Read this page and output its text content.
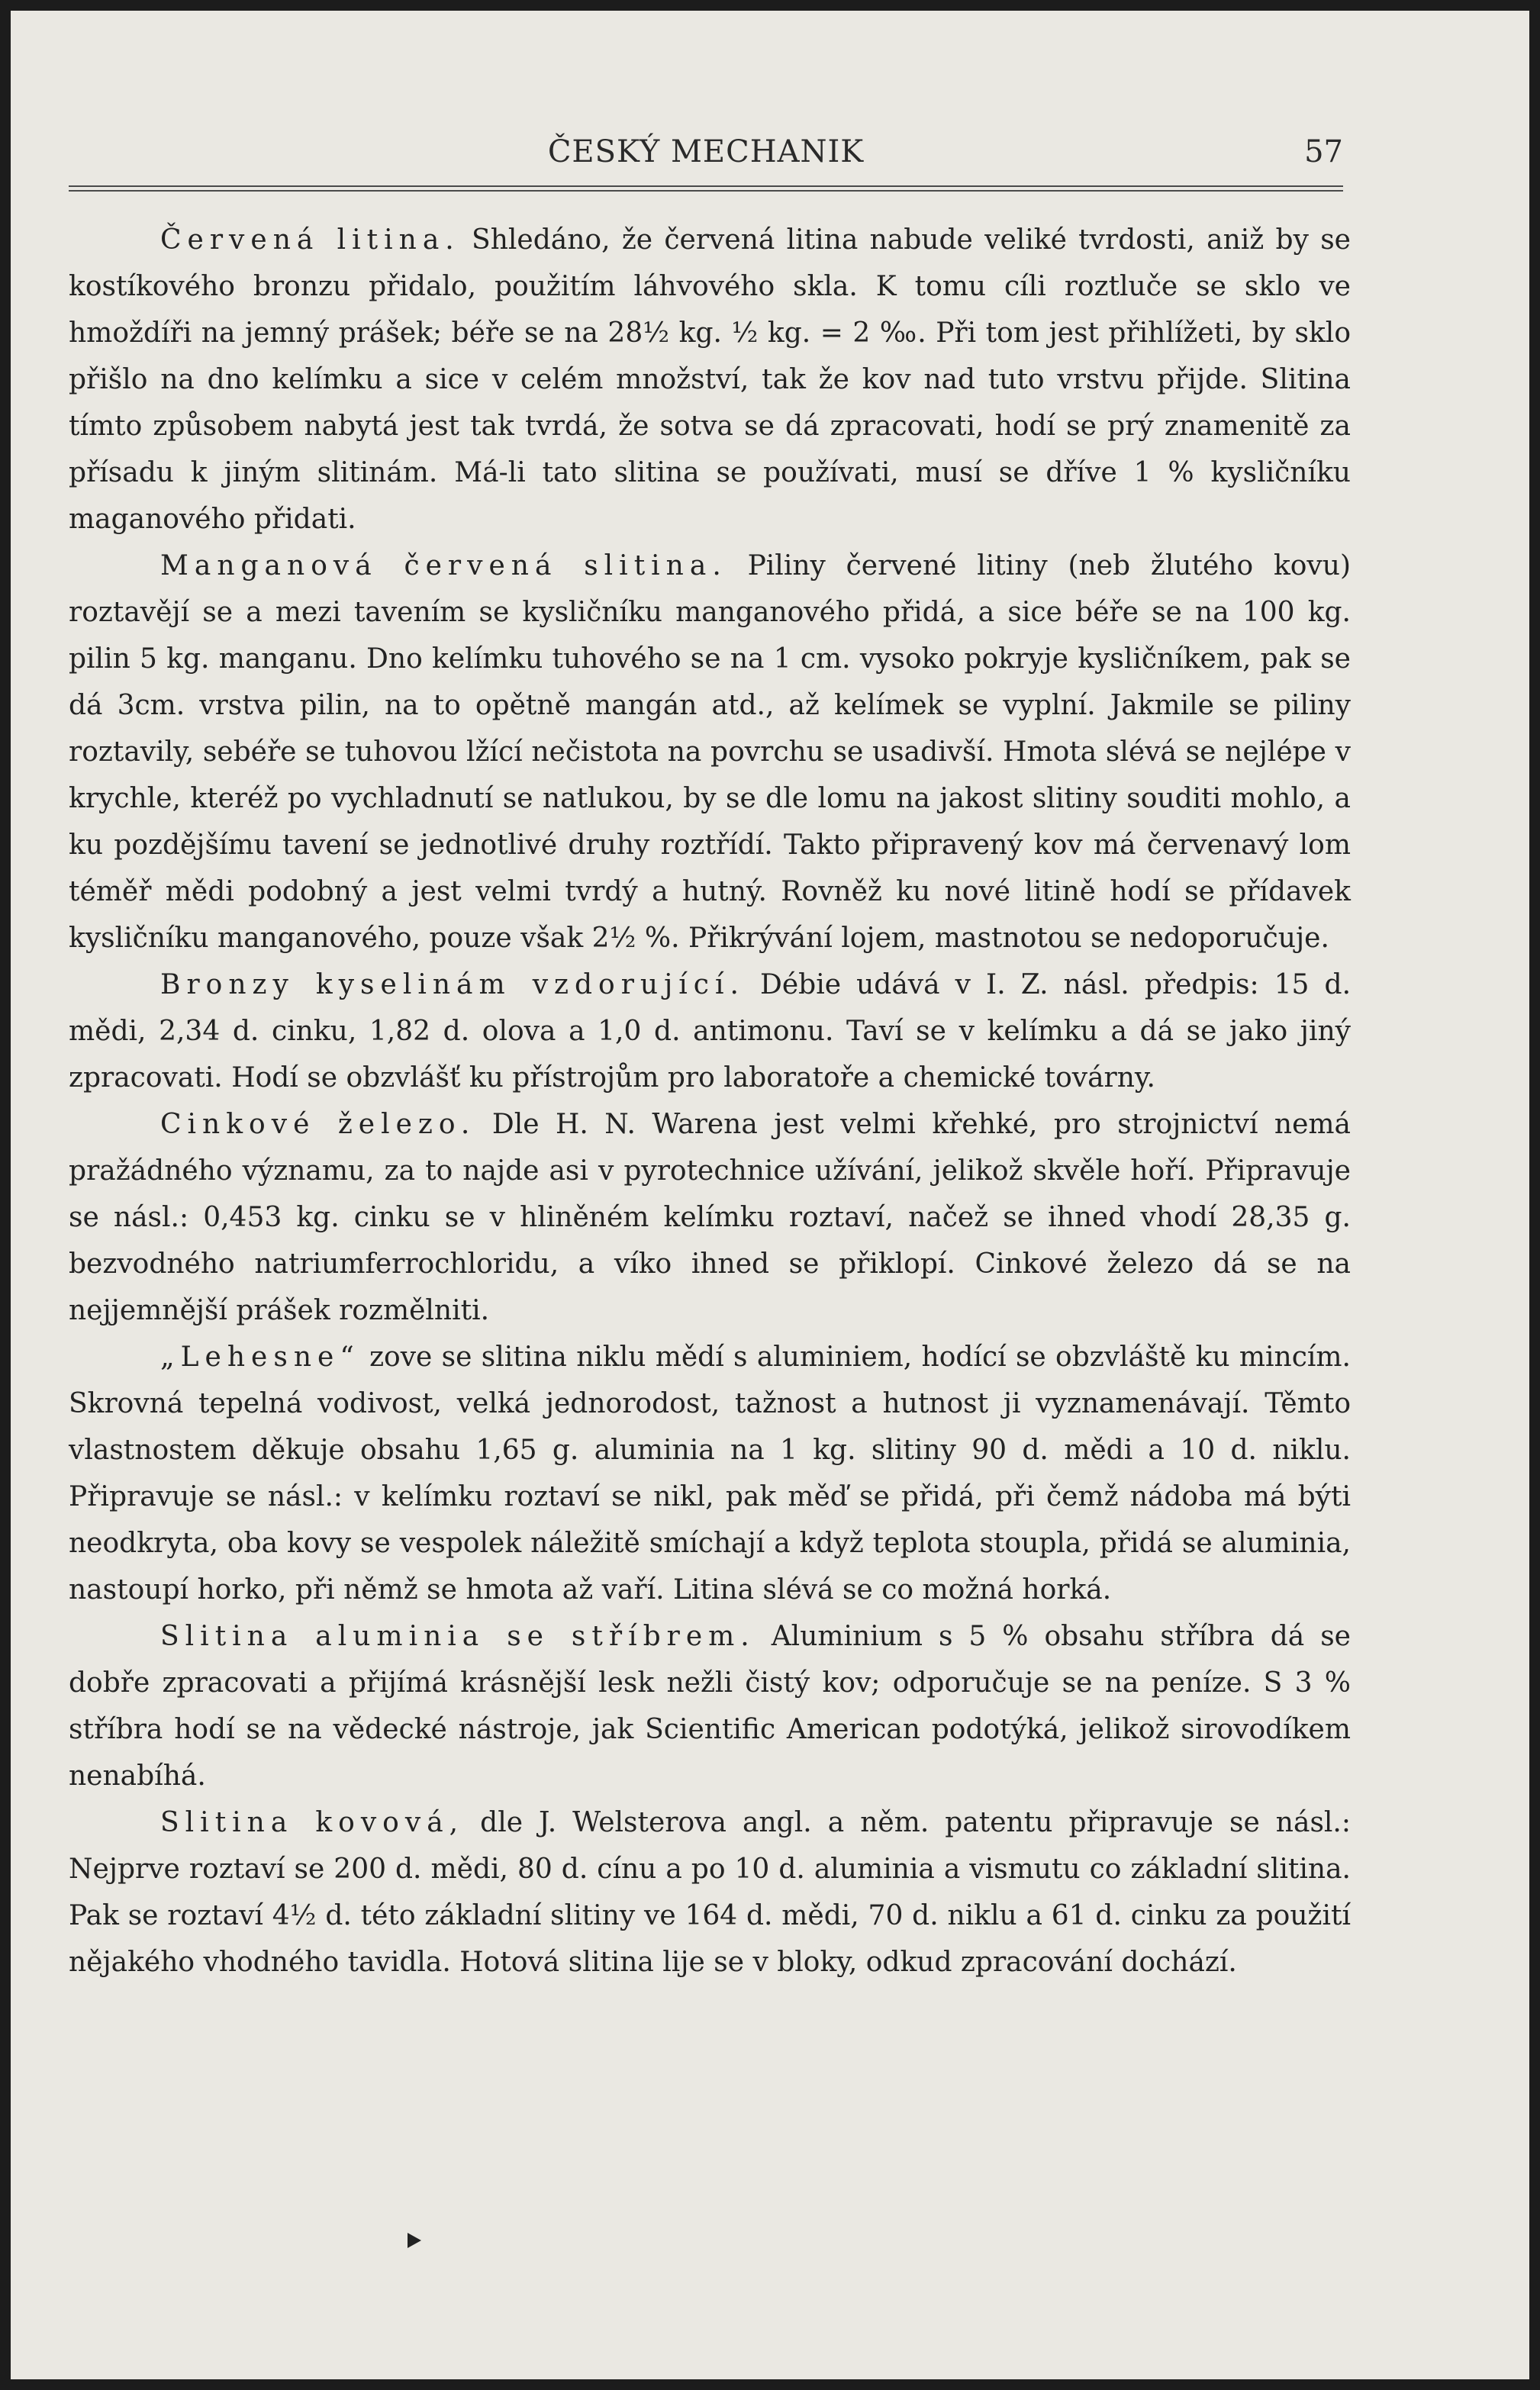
ČESKÝ MECHANIK	57

Červená litina. Shledáno, že červená litina nabude veliké tvrdosti, aniž by se kostíkového bronzu přidalo, použitím láhvového skla. K tomu cíli roztluče se sklo ve hmoždíři na jemný prášek; béře se na 28½ kg. ½ kg. = 2 ‰. Při tom jest přihlížeti, by sklo přišlo na dno kelímku a sice v celém množství, tak že kov nad tuto vrstvu přijde. Slitina tímto způsobem nabytá jest tak tvrdá, že sotva se dá zpracovati, hodí se prý znamenitě za přísadu k jiným slitinám. Má-li tato slitina se používati, musí se dříve 1 % kysličníku maganového přidati.

Manganová červená slitina. Piliny červené litiny (neb žlutého kovu) roztavějí se a mezi tavením se kysličníku manganového přidá, a sice béře se na 100 kg. pilin 5 kg. manganu. Dno kelímku tuhového se na 1 cm. vysoko pokryje kysličníkem, pak se dá 3cm. vrstva pilin, na to opětně mangán atd., až kelímek se vyplní. Jakmile se piliny roztavily, sebéře se tuhovou lžící nečistota na povrchu se usadivší. Hmota slévá se nejlépe v krychle, kteréž po vychladnutí se natlukou, by se dle lomu na jakost slitiny souditi mohlo, a ku pozdějšímu tavení se jednotlivé druhy roztřídí. Takto připravený kov má červenavý lom téměř mědi podobný a jest velmi tvrdý a hutný. Rovněž ku nové litině hodí se přídavek kysličníku manganového, pouze však 2½ %. Přikrývání lojem, mastnotou se nedoporučuje.

Bronzy kyselinám vzdorující. Débie udává v I. Z. násl. předpis: 15 d. mědi, 2,34 d. cinku, 1,82 d. olova a 1,0 d. antimonu. Taví se v kelímku a dá se jako jiný zpracovati. Hodí se obzvlášť ku přístrojům pro laboratoře a chemické továrny.

Cinkové železo. Dle H. N. Warena jest velmi křehké, pro strojnictví nemá pražádného významu, za to najde asi v pyrotechnice užívání, jelikož skvěle hoří. Připravuje se násl.: 0,453 kg. cinku se v hliněném kelímku roztaví, načež se ihned vhodí 28,35 g. bezvodného natriumferrochloridu, a víko ihned se přiklopí. Cinkové železo dá se na nejjemnější prášek rozmělniti.

„Lehesne“ zove se slitina niklu mědí s aluminiem, hodící se obzvláště ku mincím. Skrovná tepelná vodivost, velká jednorodost, tažnost a hutnost ji vyznamenávají. Těmto vlastnostem děkuje obsahu 1,65 g. aluminia na 1 kg. slitiny 90 d. mědi a 10 d. niklu. Připravuje se násl.: v kelímku roztaví se nikl, pak měď se přidá, při čemž nádoba má býti neodkryta, oba kovy se vespolek náležitě smíchají a když teplota stoupla, přidá se aluminia, nastoupí horko, při němž se hmota až vaří. Litina slévá se co možná horká.

Slitina aluminia se stříbrem. Aluminium s 5 % obsahu stříbra dá se dobře zpracovati a přijímá krásnější lesk nežli čistý kov; odporučuje se na peníze. S 3 % stříbra hodí se na vědecké nástroje, jak Scientific American podotýká, jelikož sirovodíkem nenabíhá.

Slitina kovová, dle J. Welsterova angl. a něm. patentu připravuje se násl.: Nejprve roztaví se 200 d. mědi, 80 d. cínu a po 10 d. aluminia a vismutu co základní slitina. Pak se roztaví 4½ d. této základní slitiny ve 164 d. mědi, 70 d. niklu a 61 d. cinku za použití nějakého vhodného tavidla. Hotová slitina lije se v bloky, odkud zpracování dochází.
